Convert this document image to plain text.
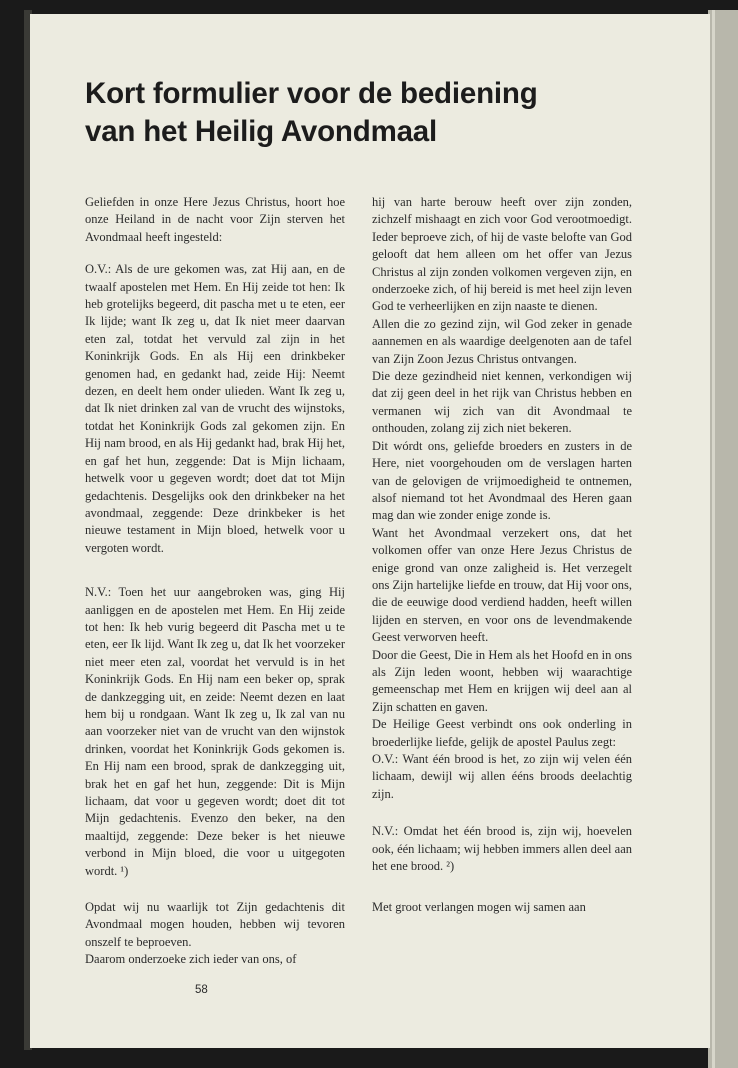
Kort formulier voor de bediening
van het Heilig Avondmaal

Geliefden in onze Here Jezus Christus, hoort hoe onze Heiland in de nacht voor Zijn sterven het Avondmaal heeft ingesteld:

O.V.: Als de ure gekomen was, zat Hij aan, en de twaalf apostelen met Hem. En Hij zeide tot hen: Ik heb grotelijks begeerd, dit pascha met u te eten, eer Ik lijde; want Ik zeg u, dat Ik niet meer daarvan eten zal, totdat het vervuld zal zijn in het Koninkrijk Gods. En als Hij een drinkbeker genomen had, en gedankt had, zeide Hij: Neemt dezen, en deelt hem onder ulieden. Want Ik zeg u, dat Ik niet drinken zal van de vrucht des wijnstoks, totdat het Koninkrijk Gods zal gekomen zijn. En Hij nam brood, en als Hij gedankt had, brak Hij het, en gaf het hun, zeggende: Dat is Mijn lichaam, hetwelk voor u gegeven wordt; doet dat tot Mijn gedachtenis. Desgelijks ook den drinkbeker na het avondmaal, zeggende: Deze drinkbeker is het nieuwe testament in Mijn bloed, hetwelk voor u vergoten wordt.

N.V.: Toen het uur aangebroken was, ging Hij aanliggen en de apostelen met Hem. En Hij zeide tot hen: Ik heb vurig begeerd dit Pascha met u te eten, eer Ik lijd. Want Ik zeg u, dat Ik het voorzeker niet meer eten zal, voordat het vervuld is in het Koninkrijk Gods. En Hij nam een beker op, sprak de dankzegging uit, en zeide: Neemt dezen en laat hem bij u rondgaan. Want Ik zeg u, Ik zal van nu aan voorzeker niet van de vrucht van den wijnstok drinken, voordat het Koninkrijk Gods gekomen is. En Hij nam een brood, sprak de dankzegging uit, brak het en gaf het hun, zeggende: Dit is Mijn lichaam, dat voor u gegeven wordt; doet dit tot Mijn gedachtenis. Evenzo den beker, na den maaltijd, zeggende: Deze beker is het nieuwe verbond in Mijn bloed, die voor u uitgegoten wordt. ¹)

Opdat wij nu waarlijk tot Zijn gedachtenis dit Avondmaal mogen houden, hebben wij tevoren onszelf te beproeven.

Daarom onderzoeke zich ieder van ons, of

hij van harte berouw heeft over zijn zonden, zichzelf mishaagt en zich voor God verootmoedigt. Ieder beproeve zich, of hij de vaste belofte van God gelooft dat hem alleen om het offer van Jezus Christus al zijn zonden volkomen vergeven zijn, en onderzoeke zich, of hij bereid is met heel zijn leven God te verheerlijken en zijn naaste te dienen.

Allen die zo gezind zijn, wil God zeker in genade aannemen en als waardige deelgenoten aan de tafel van Zijn Zoon Jezus Christus ontvangen.

Die deze gezindheid niet kennen, verkondigen wij dat zij geen deel in het rijk van Christus hebben en vermanen wij zich van dit Avondmaal te onthouden, zolang zij zich niet bekeren.

Dit wórdt ons, geliefde broeders en zusters in de Here, niet voorgehouden om de verslagen harten van de gelovigen de vrijmoedigheid te ontnemen, alsof niemand tot het Avondmaal des Heren gaan mag dan wie zonder enige zonde is.

Want het Avondmaal verzekert ons, dat het volkomen offer van onze Here Jezus Christus de enige grond van onze zaligheid is. Het verzegelt ons Zijn hartelijke liefde en trouw, dat Hij voor ons, die de eeuwige dood verdiend hadden, heeft willen lijden en sterven, en voor ons de levendmakende Geest verworven heeft.

Door die Geest, Die in Hem als het Hoofd en in ons als Zijn leden woont, hebben wij waarachtige gemeenschap met Hem en krijgen wij deel aan al Zijn schatten en gaven.

De Heilige Geest verbindt ons ook onderling in broederlijke liefde, gelijk de apostel Paulus zegt:

O.V.: Want één brood is het, zo zijn wij velen één lichaam, dewijl wij allen ééns broods deelachtig zijn.

N.V.: Omdat het één brood is, zijn wij, hoevelen ook, één lichaam; wij hebben immers allen deel aan het ene brood. ²)

Met groot verlangen mogen wij samen aan

58
